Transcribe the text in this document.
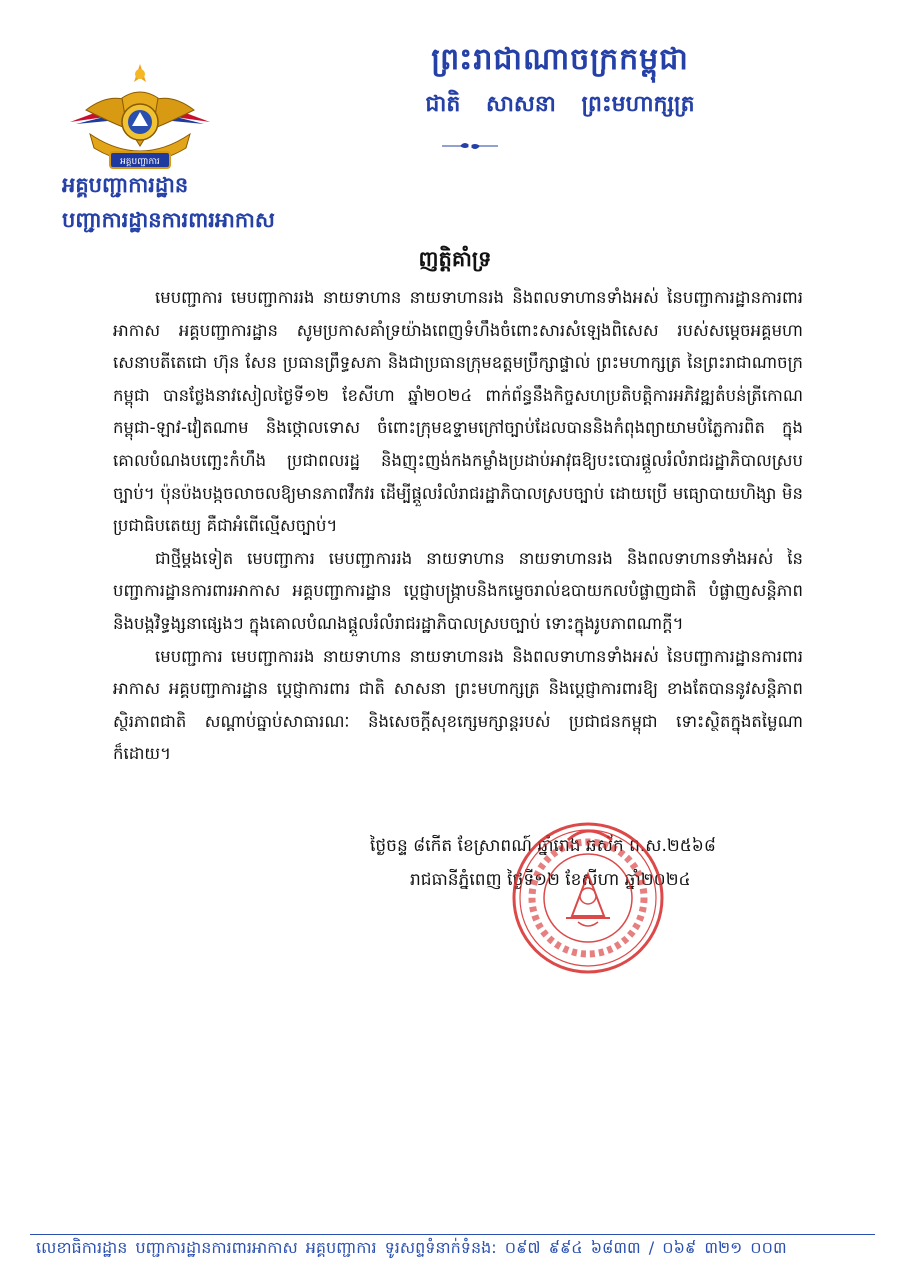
អគ្គបញ្ជាការ
ព្រះរាជាណាចក្រកម្ពុជា
ជាតិ សាសនា ព្រះមហាក្សត្រ
អគ្គបញ្ជាការដ្ឋាន
បញ្ជាការដ្ឋានការពារអាកាស
ញត្តិគាំទ្រ

មេបញ្ជាការ មេបញ្ជាការរង នាយទាហាន នាយទាហានរង និងពលទាហានទាំងអស់ នៃបញ្ជាការដ្ឋានការពារអាកាស អគ្គបញ្ជាការដ្ឋាន សូមប្រកាសគាំទ្រយ៉ាងពេញទំហឹងចំពោះសារសំឡេងពិសេស របស់សម្តេចអគ្គមហាសេនាបតីតេជោ ហ៊ុន សែន ប្រធានព្រឹទ្ធសភា និងជាប្រធានក្រុមឧត្តមប្រឹក្សាផ្ទាល់ ព្រះមហាក្សត្រ នៃព្រះរាជាណាចក្រកម្ពុជា បានថ្លែងនាវសៀលថ្ងៃទី១២ ខែសីហា ឆ្នាំ២០២៤ ពាក់ព័ន្ធនឹងកិច្ចសហប្រតិបត្តិការអភិវឌ្ឍតំបន់ត្រីកោណ កម្ពុជា-ឡាវ-វៀតណាម និងថ្កោលទោស ចំពោះក្រុមឧទ្ទាមក្រៅច្បាប់ដែលបាននិងកំពុងព្យាយាមបំភ្លៃការពិត ក្នុងគោលបំណងបញ្ឆេះកំហឹង ប្រជាពលរដ្ឋ និងញុះញង់កងកម្លាំងប្រដាប់អាវុធឱ្យបះបោរផ្តួលរំលំរាជរដ្ឋាភិបាលស្របច្បាប់។ ប៉ុនប៉ងបង្កចលាចលឱ្យមានភាពវឹកវរ ដើម្បីផ្តួលរំលំរាជរដ្ឋាភិបាលស្របច្បាប់ ដោយប្រើ មធ្យោបាយហិង្សា មិនប្រជាធិបតេយ្យ គឺជាអំពើល្មើសច្បាប់។

ជាថ្មីម្តងទៀត មេបញ្ជាការ មេបញ្ជាការរង នាយទាហាន នាយទាហានរង និងពលទាហានទាំងអស់ នៃបញ្ជាការដ្ឋានការពារអាកាស អគ្គបញ្ជាការដ្ឋាន ប្តេជ្ញាបង្ក្រាបនិងកម្ទេចរាល់ឧបាយកលបំផ្លាញជាតិ បំផ្លាញសន្តិភាព និងបង្កវិទ្ធង្សនាផ្សេងៗ ក្នុងគោលបំណងផ្តួលរំលំរាជរដ្ឋាភិបាលស្របច្បាប់ ទោះក្នុងរូបភាពណាក្តី។

មេបញ្ជាការ មេបញ្ជាការរង នាយទាហាន នាយទាហានរង និងពលទាហានទាំងអស់ នៃបញ្ជាការដ្ឋានការពារអាកាស អគ្គបញ្ជាការដ្ឋាន ប្តេជ្ញាការពារ ជាតិ សាសនា ព្រះមហាក្សត្រ និងប្តេជ្ញាការពារឱ្យ ខាងតែបាននូវសន្តិភាព ស្ថិរភាពជាតិ សណ្តាប់ធ្នាប់សាធារណៈ និងសេចក្តីសុខក្សេមក្សាន្តរបស់ ប្រជាជនកម្ពុជា ទោះស្ថិតក្នុងតម្លៃណាក៏ដោយ។

ថ្ងៃចន្ទ ៨កើត ខែស្រាពណ៍ ឆ្នាំរោង ឆស័ក ព.ស.២៥៦៨
រាជធានីភ្នំពេញ ថ្ងៃទី១២ ខែសីហា ឆ្នាំ២០២៤
លេខាធិការដ្ឋាន បញ្ជាការដ្ឋានការពារអាកាស អគ្គបញ្ជាការ ទូរសព្ទទំនាក់ទំនង: ០៩៧ ៩៩៤ ៦៨៣៣ / ០៦៩ ៣២១ ០០៣
